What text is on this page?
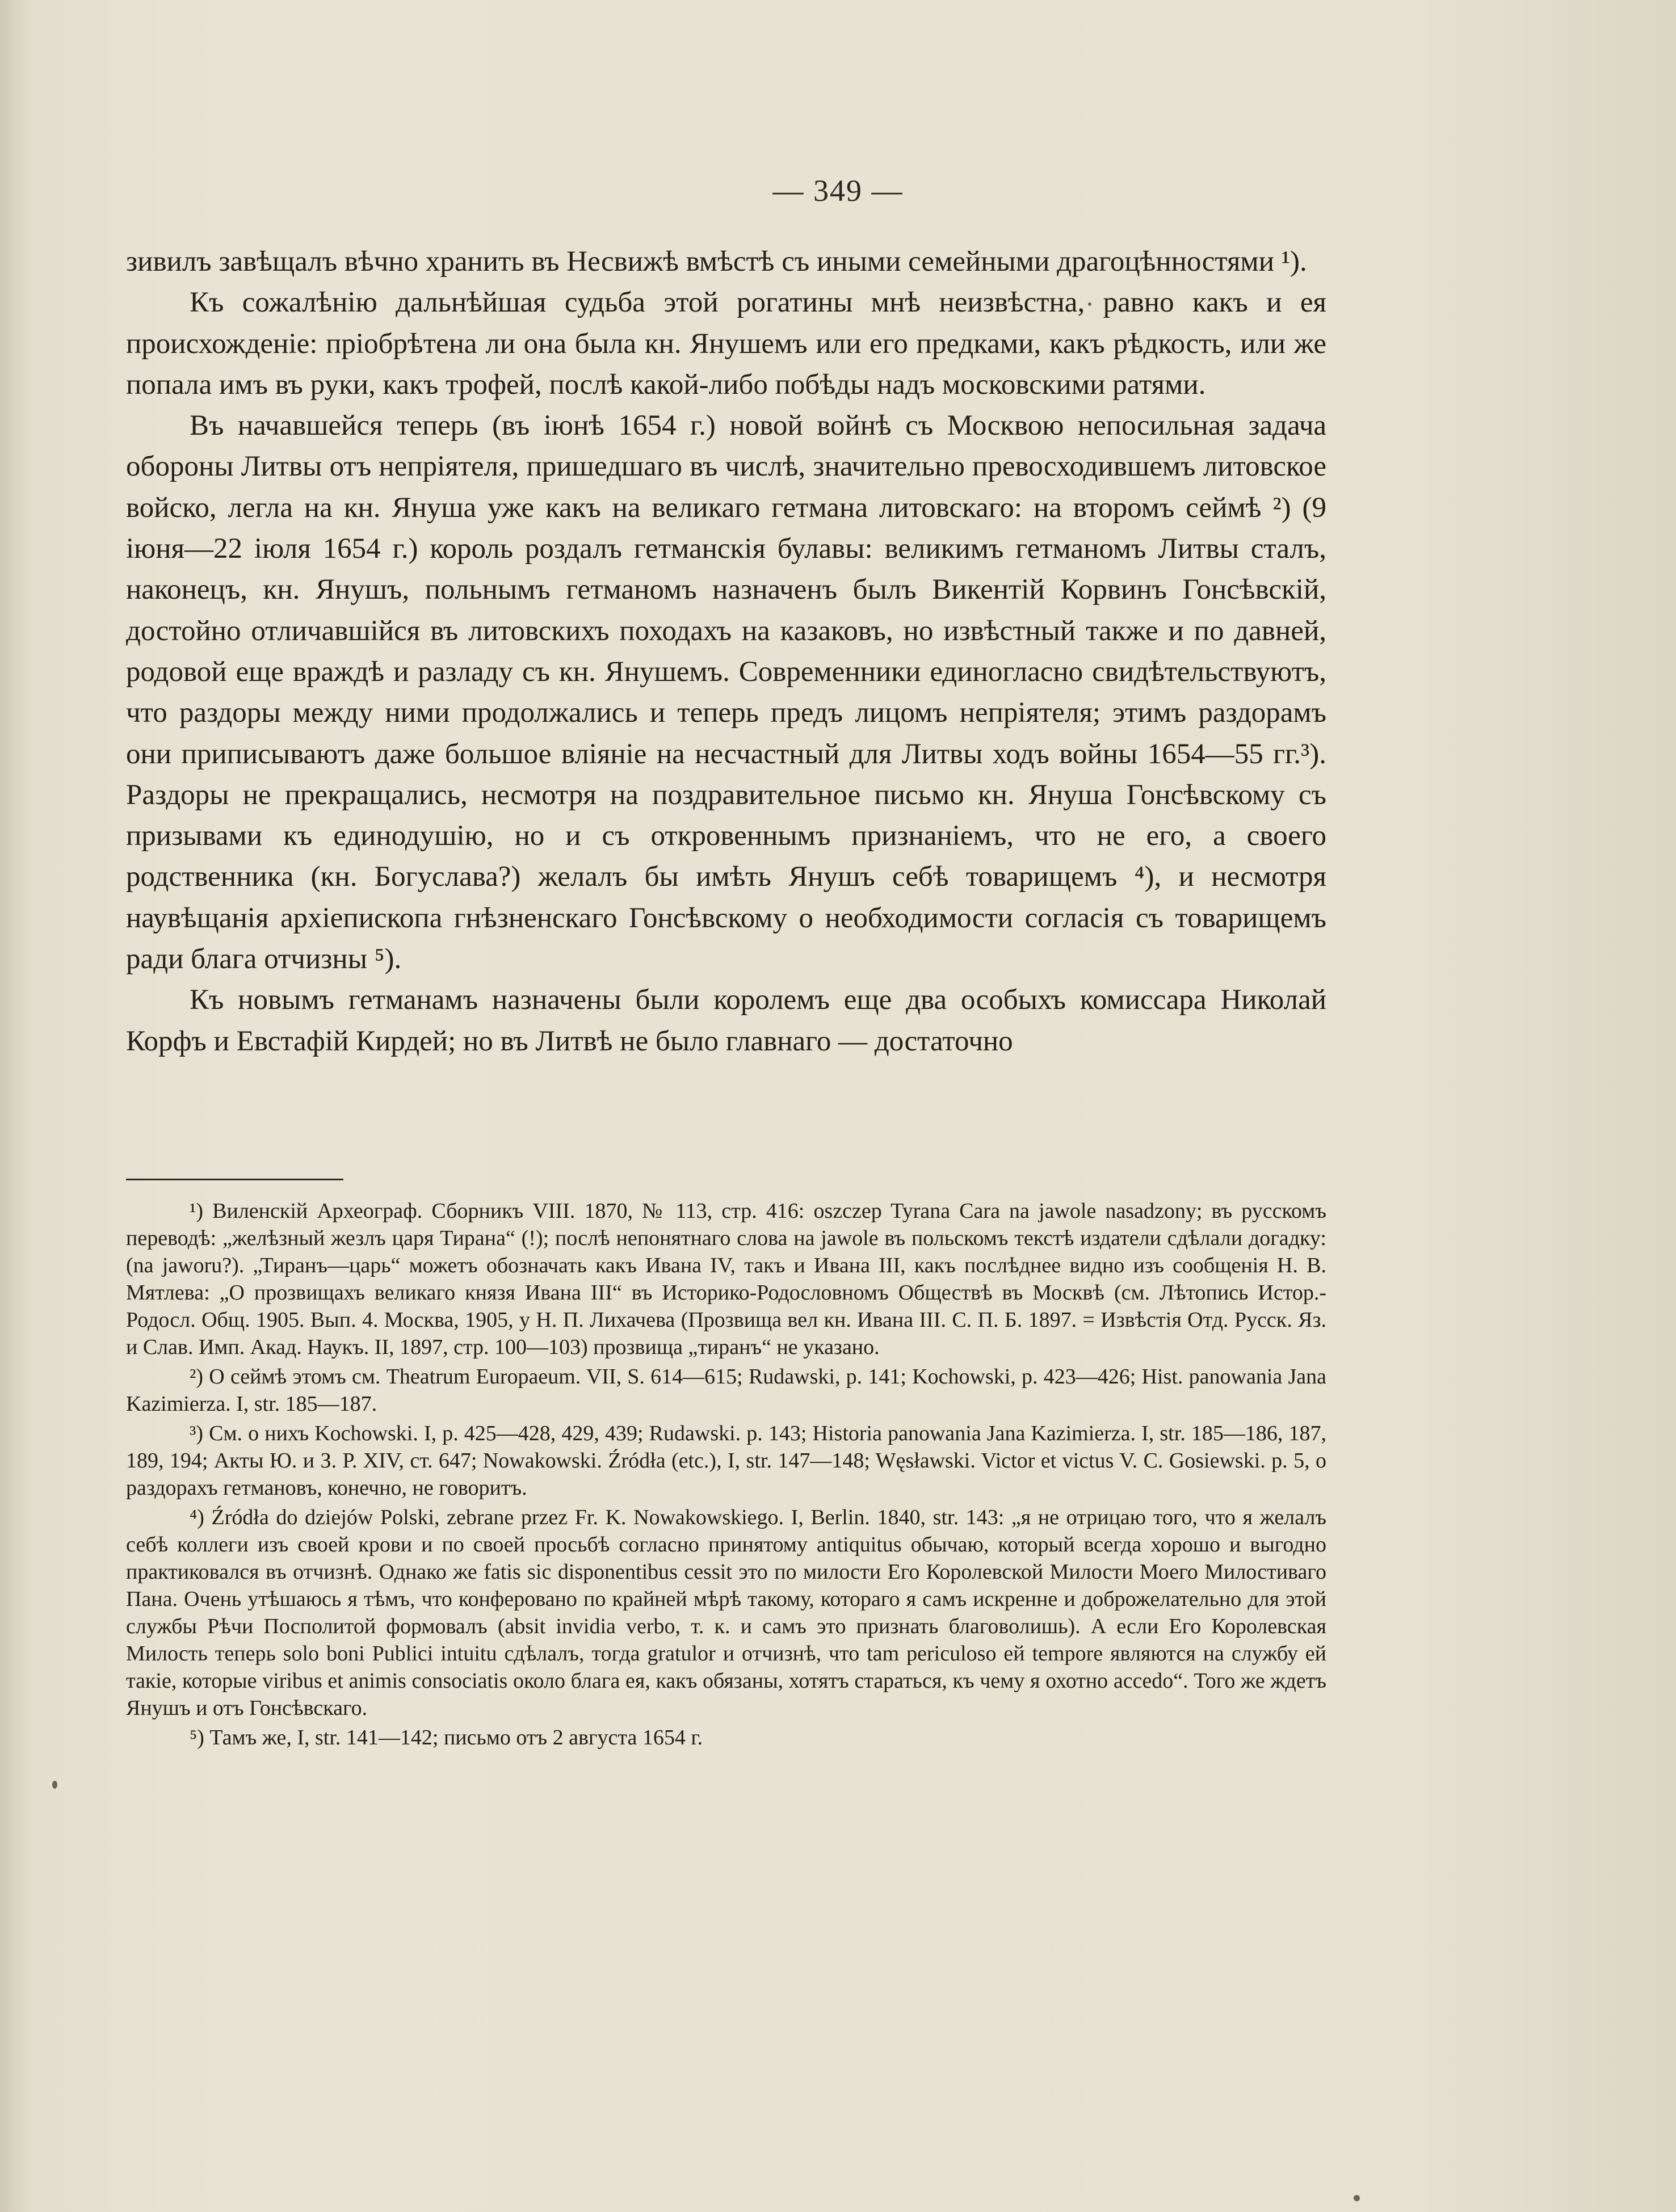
— 349 —

зивилъ завѣщалъ вѣчно хранить въ Несвижѣ вмѣстѣ съ иными семейными драгоцѣнностями ¹).

Къ сожалѣнію дальнѣйшая судьба этой рогатины мнѣ неизвѣстна, равно какъ и ея происхожденіе: пріобрѣтена ли она была кн. Янушемъ или его предками, какъ рѣдкость, или же попала имъ въ руки, какъ трофей, послѣ какой-либо побѣды надъ московскими ратями.

Въ начавшейся теперь (въ іюнѣ 1654 г.) новой войнѣ съ Москвою непосильная задача обороны Литвы отъ непріятеля, пришедшаго въ числѣ, значительно превосходившемъ литовское войско, легла на кн. Януша уже какъ на великаго гетмана литовскаго: на второмъ сеймѣ ²) (9 іюня—22 іюля 1654 г.) король роздалъ гетманскія булавы: великимъ гетманомъ Литвы сталъ, наконецъ, кн. Янушъ, польнымъ гетманомъ назначенъ былъ Викентій Корвинъ Гонсѣвскій, достойно отличавшійся въ литовскихъ походахъ на казаковъ, но извѣстный также и по давней, родовой еще враждѣ и разладу съ кн. Янушемъ. Современники единогласно свидѣтельствуютъ, что раздоры между ними продолжались и теперь предъ лицомъ непріятеля; этимъ раздорамъ они приписываютъ даже большое вліяніе на несчастный для Литвы ходъ войны 1654—55 гг.³). Раздоры не прекращались, несмотря на поздравительное письмо кн. Януша Гонсѣвскому съ призывами къ единодушію, но и съ откровеннымъ признаніемъ, что не его, а своего родственника (кн. Богуслава?) желалъ бы имѣть Янушъ себѣ товарищемъ ⁴), и несмотря наувѣщанія архіепископа гнѣзненскаго Гонсѣвскому о необходимости согласія съ товарищемъ ради блага отчизны ⁵).

Къ новымъ гетманамъ назначены были королемъ еще два особыхъ комиссара Николай Корфъ и Евстафій Кирдей; но въ Литвѣ не было главнаго — достаточно

¹) Виленскій Археограф. Сборникъ VIII. 1870, № 113, стр. 416: oszczep Tyrana Cara na jawole nasadzony; въ русскомъ переводѣ: „желѣзный жезлъ царя Тирана“ (!); послѣ непонятнаго слова на jawole въ польскомъ текстѣ издатели сдѣлали догадку: (na jaworu?). „Тиранъ—царь“ можетъ обозначать какъ Ивана IV, такъ и Ивана III, какъ послѣднее видно изъ сообщенія Н. В. Мятлева: „О прозвищахъ великаго князя Ивана III“ въ Историко-Родословномъ Обществѣ въ Москвѣ (см. Лѣтопись Истор.-Родосл. Общ. 1905. Вып. 4. Москва, 1905, у Н. П. Лихачева (Прозвища вел кн. Ивана III. С. П. Б. 1897. = Извѣстія Отд. Русск. Яз. и Слав. Имп. Акад. Наукъ. II, 1897, стр. 100—103) прозвища „тиранъ“ не указано.

²) О сеймѣ этомъ см. Theatrum Europaeum. VII, S. 614—615; Rudawski, p. 141; Kochowski, p. 423—426; Hist. panowania Jana Kazimierza. I, str. 185—187.

³) См. о нихъ Kochowski. I, p. 425—428, 429, 439; Rudawski. p. 143; Historia panowania Jana Kazimierza. I, str. 185—186, 187, 189, 194; Акты Ю. и З. Р. XIV, ст. 647; Nowakowski. Źródła (etc.), I, str. 147—148; Węsławski. Victor et victus V. C. Gosiewski. p. 5, о раздорахъ гетмановъ, конечно, не говоритъ.

⁴) Źródła do dziejów Polski, zebrane przez Fr. K. Nowakowskiego. I, Berlin. 1840, str. 143: „я не отрицаю того, что я желалъ себѣ коллеги изъ своей крови и по своей просьбѣ согласно принятому antiquitus обычаю, который всегда хорошо и выгодно практиковался въ отчизнѣ. Однако же fatis sic disponentibus cessit это по милости Его Королевской Милости Моего Милостиваго Пана. Очень утѣшаюсь я тѣмъ, что конферовано по крайней мѣрѣ такому, котораго я самъ искренне и доброжелательно для этой службы Рѣчи Посполитой формовалъ (absit invidia verbo, т. к. и самъ это признать благоволишь). А если Его Королевская Милость теперь solo boni Publici intuitu сдѣлалъ, тогда gratulor и отчизнѣ, что tam periculoso eй tempore являются на службу ей такіе, которые viribus et animis consociatis около блага ея, какъ обязаны, хотятъ стараться, къ чему я охотно accedo“. Того же ждетъ Янушъ и отъ Гонсѣвскаго.

⁵) Тамъ же, I, str. 141—142; письмо отъ 2 августа 1654 г.
